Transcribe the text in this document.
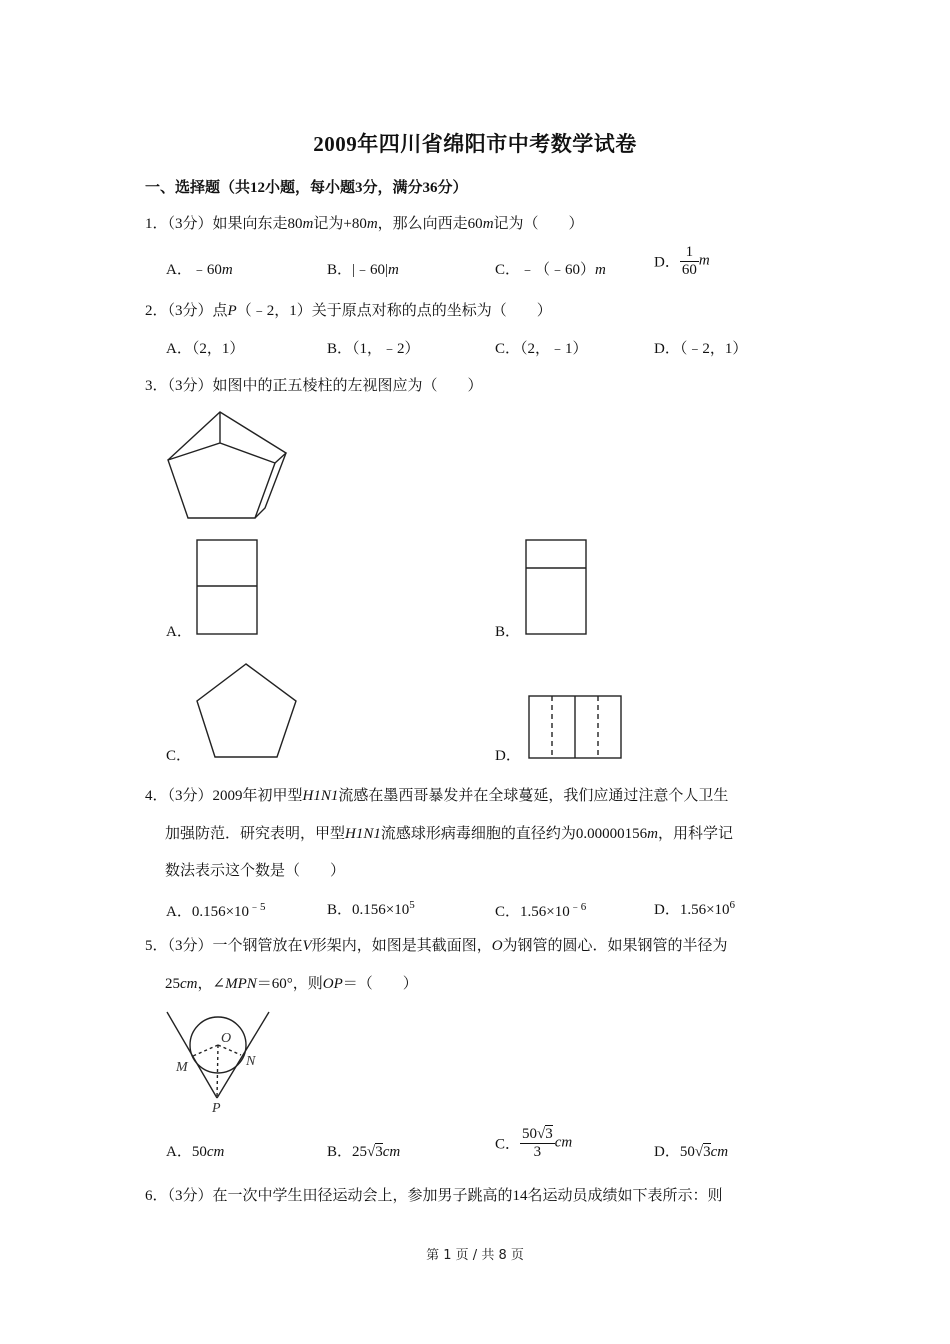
2009年四川省绵阳市中考数学试卷
一、选择题（共12小题，每小题3分，满分36分）
1．（3分）如果向东走80m记为+80m，那么向西走60m记为（　　）
A．﹣60m	B．|﹣60|m	C．﹣（﹣60）m	D． $\frac{1}{60}$ m
2．（3分）点P（﹣2，1）关于原点对称的点的坐标为（　　）
A．（2，1）	B．（1，﹣2）	C．（2，﹣1）	D．（﹣2，1）
3．（3分）如图中的正五棱柱的左视图应为（　　）
A．	B．
C．	D．
4．（3分）2009年初甲型H1N1流感在墨西哥暴发并在全球蔓延，我们应通过注意个人卫生
加强防范．研究表明，甲型H1N1流感球形病毒细胞的直径约为0.00000156m，用科学记
数法表示这个数是（　　）
A．$0.156\times 10^{﹣5}$	B．$0.156\times 10^5$	C．$1.56\times 10^{﹣6}$	D．$1.56\times 10^6$
5．（3分）一个钢管放在V形架内，如图是其截面图，O为钢管的圆心．如果钢管的半径为
25cm，∠MPN＝60°，则OP＝（　　）
O
M	N
P
A．50cm	B．25√3cm	C． $\frac{50√3}{3}$ cm
D．50√3cm
6．（3分）在一次中学生田径运动会上，参加男子跳高的14名运动员成绩如下表所示：则
第 1 页 / 共 8 页
